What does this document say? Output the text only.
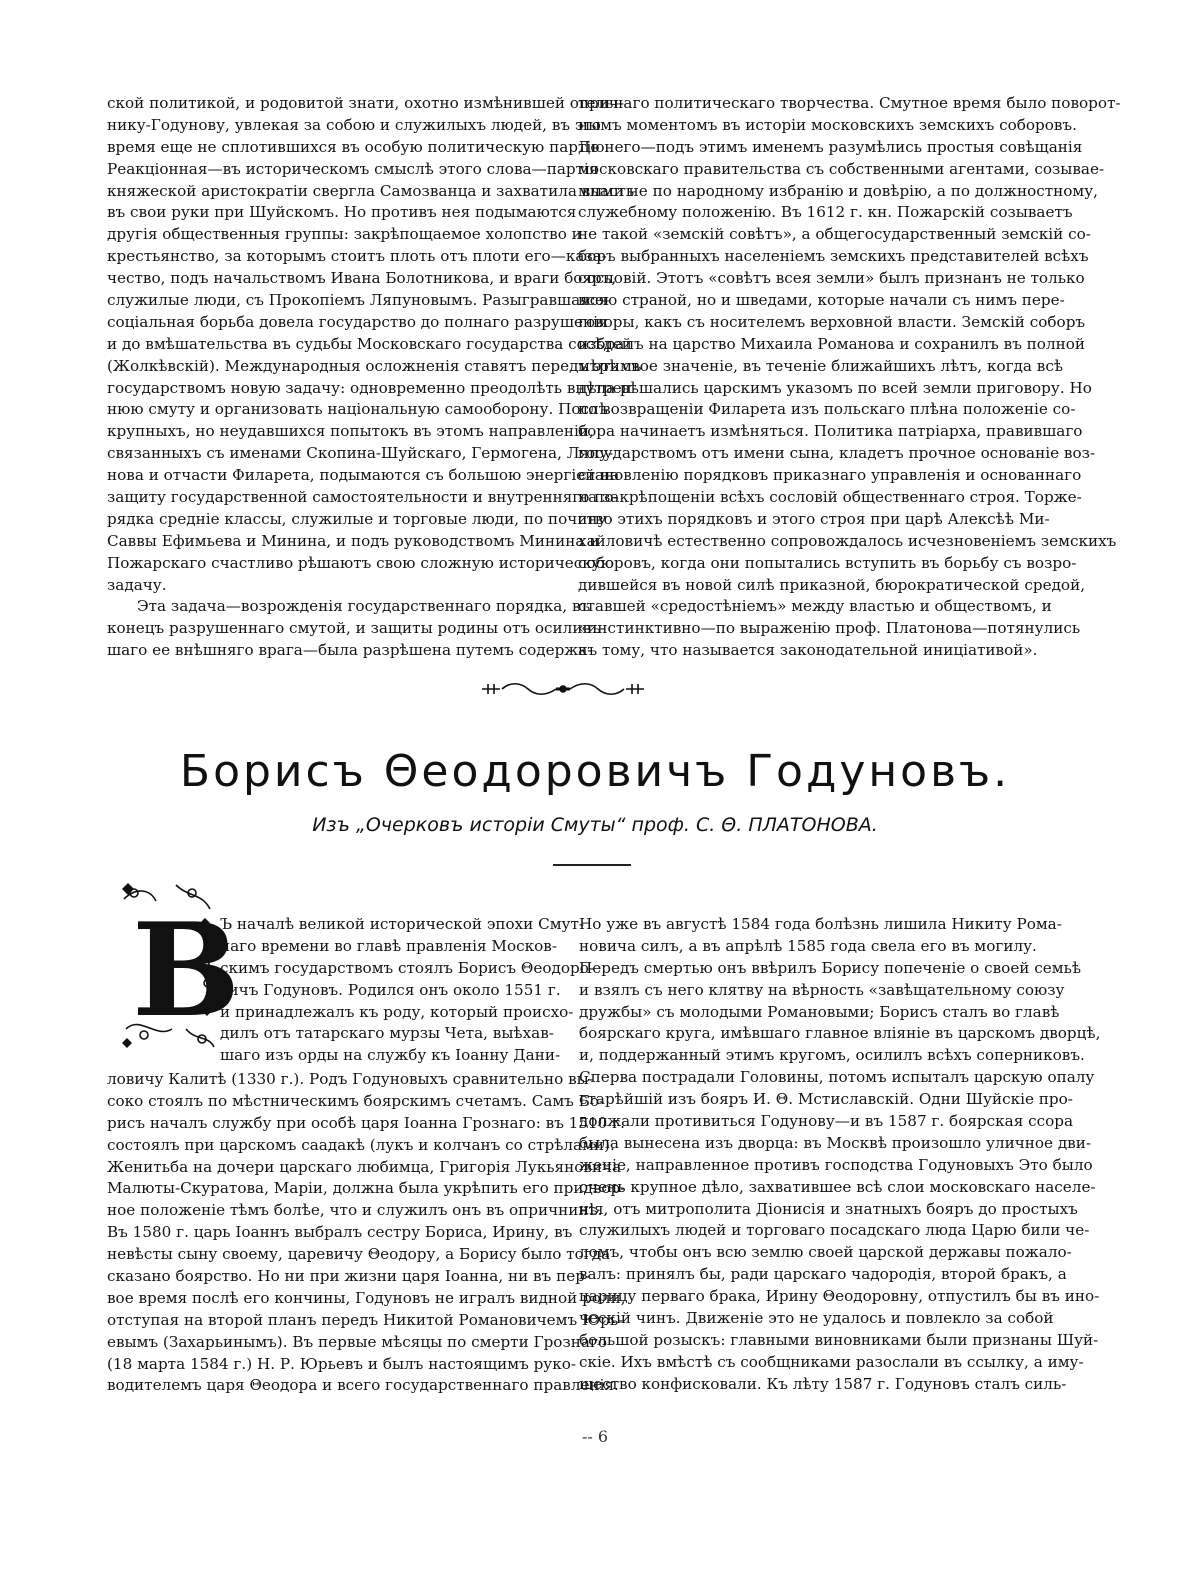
ской политикой, и родовитой знати, охотно измѣнившей оприч-
нику-Годунову, увлекая за собою и служилыхъ людей, въ это
время еще не сплотившихся въ особую политическую партію.
Реакціонная—въ историческомъ смыслѣ этого слова—партія
княжеской аристократіи свергла Самозванца и захватила власть
въ свои руки при Шуйскомъ. Но противъ нея подымаются
другія общественныя группы: закрѣпощаемое холопство и
крестьянство, за которымъ стоитъ плоть отъ плоти его—каза-
чество, подъ начальствомъ Ивана Болотникова, и враги бояръ,
служилые люди, съ Прокопіемъ Ляпуновымъ. Разыгравшаяся
соціальная борьба довела государство до полнаго разрушенія
и до вмѣшательства въ судьбы Московскаго государства сосѣдей
(Жолкѣвскій). Международныя осложненія ставятъ передъ этимъ
государствомъ новую задачу: одновременно преодолѣть внутрен-
нюю смуту и организовать національную самооборону. Послѣ
крупныхъ, но неудавшихся попытокъ въ этомъ направленіи,
связанныхъ съ именами Скопина-Шуйскаго, Гермогена, Ляпу-
нова и отчасти Филарета, подымаются съ большою энергіей на
защиту государственной самостоятельности и внутренняго по-
рядка средніе классы, служилые и торговые люди, по почину
Саввы Ефимьева и Минина, и подъ руководствомъ Минина и
Пожарскаго счастливо рѣшаютъ свою сложную историческую
задачу.
Эта задача—возрожденія государственнаго порядка, въ
конецъ разрушеннаго смутой, и защиты родины отъ осиливъ-
шаго ее внѣшняго врага—была разрѣшена путемъ содержа-
тельнаго политическаго творчества. Смутное время было поворот-
нымъ моментомъ въ исторіи московскихъ земскихъ соборовъ.
До него—подъ этимъ именемъ разумѣлись простыя совѣщанія
московскаго правительства съ собственными агентами, созывае-
мыми не по народному избранію и довѣрію, а по должностному,
служебному положенію. Въ 1612 г. кн. Пожарскій созываетъ
не такой «земскій совѣтъ», а общегосударственный земскій со-
боръ выбранныхъ населеніемъ земскихъ представителей всѣхъ
сословій. Этотъ «совѣтъ всея земли» былъ признанъ не только
всею страной, но и шведами, которые начали съ нимъ пере-
говоры, какъ съ носителемъ верховной власти. Земскій соборъ
избралъ на царство Михаила Романова и сохранилъ въ полной
мѣрѣ свое значеніе, въ теченіе ближайшихъ лѣтъ, когда всѣ
дѣла рѣшались царскимъ указомъ по всей земли приговору. Но
по возвращеніи Филарета изъ польскаго плѣна положеніе со-
бора начинаетъ измѣняться. Политика патріарха, правившаго
государствомъ отъ имени сына, кладетъ прочное основаніе воз-
становленію порядковъ приказнаго управленія и основаннаго
на закрѣпощеніи всѣхъ сословій общественнаго строя. Торже-
ство этихъ порядковъ и этого строя при царѣ Алексѣѣ Ми-
хайловичѣ естественно сопровождалось исчезновеніемъ земскихъ
соборовъ, когда они попытались вступить въ борьбу съ возро-
дившейся въ новой силѣ приказной, бюрократической средой,
ставшей «средостѣніемъ» между властью и обществомъ, и
«инстинктивно—по выраженію проф. Платонова—потянулись
къ тому, что называется законодательной иниціативой».
Борисъ Θеодоровичъ Годуновъ.
Изъ „Очерковъ исторіи Смуты“ проф. С. Θ. ПЛАТОНОВА.
В
Ъ началѣ великой исторической эпохи Смут-
наго времени во главѣ правленія Москов-
скимъ государствомъ стоялъ Борисъ Θеодоро-
вичъ Годуновъ. Родился онъ около 1551 г.
и принадлежалъ къ роду, который происхо-
дилъ отъ татарскаго мурзы Чета, выѣхав-
шаго изъ орды на службу къ Іоанну Дани-
ловичу Калитѣ (1330 г.). Родъ Годуновыхъ сравнительно вы-
соко стоялъ по мѣстническимъ боярскимъ счетамъ. Самъ Бо-
рисъ началъ службу при особѣ царя Іоанна Грознаго: въ 1510 г.
состоялъ при царскомъ саадакѣ (лукъ и колчанъ со стрѣлами).
Женитьба на дочери царскаго любимца, Григорія Лукьяновича
Малюты-Скуратова, Маріи, должна была укрѣпить его придвор-
ное положеніе тѣмъ болѣе, что и служилъ онъ въ опричнинѣ.
Въ 1580 г. царь Іоаннъ выбралъ сестру Бориса, Ирину, въ
невѣсты сыну своему, царевичу Θеодору, а Борису было тогда
сказано боярство. Но ни при жизни царя Іоанна, ни въ пер-
вое время послѣ его кончины, Годуновъ не игралъ видной роли,
отступая на второй планъ передъ Никитой Романовичемъ Юрь-
евымъ (Захарьинымъ). Въ первые мѣсяцы по смерти Грознаго
(18 марта 1584 г.) Н. Р. Юрьевъ и былъ настоящимъ руко-
водителемъ царя Θеодора и всего государственнаго правленія.
Но уже въ августѣ 1584 года болѣзнь лишила Никиту Рома-
новича силъ, а въ апрѣлѣ 1585 года свела его въ могилу.
Передъ смертью онъ ввѣрилъ Борису попеченіе о своей семьѣ
и взялъ съ него клятву на вѣрность «завѣщательному союзу
дружбы» съ молодыми Романовыми; Борисъ сталъ во главѣ
боярскаго круга, имѣвшаго главное вліяніе въ царскомъ дворцѣ,
и, поддержанный этимъ кругомъ, осилилъ всѣхъ соперниковъ.
Сперва пострадали Головины, потомъ испыталъ царскую опалу
старѣйшій изъ бояръ И. Θ. Мстиславскій. Одни Шуйскіе про-
должали противиться Годунову—и въ 1587 г. боярская ссора
была вынесена изъ дворца: въ Москвѣ произошло уличное дви-
женіе, направленное противъ господства Годуновыхъ Это было
очень крупное дѣло, захватившее всѣ слои московскаго населе-
нія, отъ митрополита Діонисія и знатныхъ бояръ до простыхъ
служилыхъ людей и торговаго посадскаго люда Царю били че-
ломъ, чтобы онъ всю землю своей царской державы пожало-
валъ: принялъ бы, ради царскаго чадородія, второй бракъ, а
царицу перваго брака, Ирину Θеодоровну, отпустилъ бы въ ино-
ческій чинъ. Движеніе это не удалось и повлекло за собой
большой розыскъ: главными виновниками были признаны Шуй-
скіе. Ихъ вмѣстѣ съ сообщниками разослали въ ссылку, а иму-
щество конфисковали. Къ лѣту 1587 г. Годуновъ сталъ силь-
-- 6
